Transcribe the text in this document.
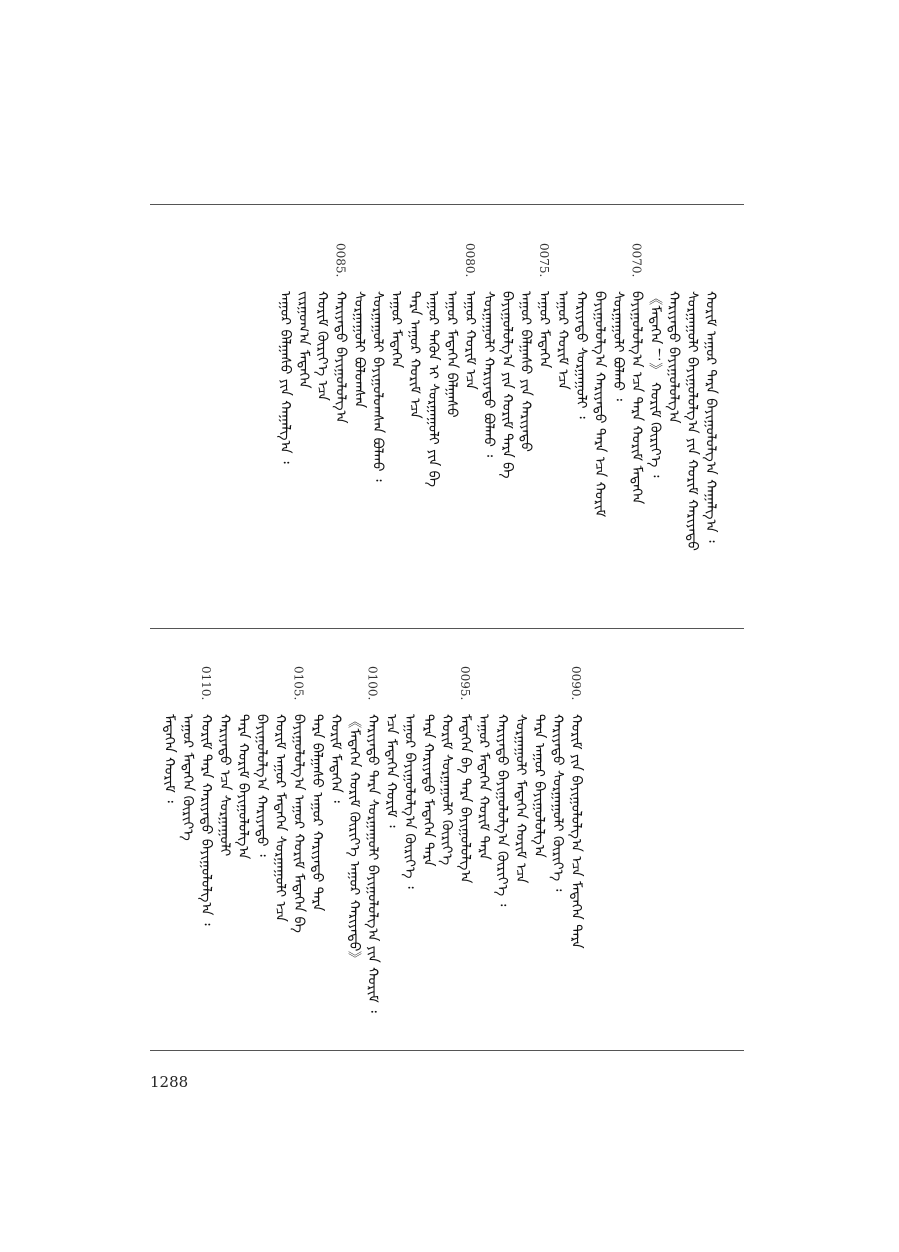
ᠠᠭᠤᠷ ᠪᠠᠯᠭᠠᠰᠤ ᠶᠢᠨ ᠬᠠᠭᠠᠯᠭ᠎ᠠ ᠄ ᠵᠢᠷᠭᠤᠭ᠎ᠠ ᠮᠡᠳᠡᠭᠡᠨ ᠬᠤᠷᠢᠮ ᠬᠦᠷᠢᠶ᠎ᠡ ᠡᠴᠡ ᠬᠠᠷᠢᠶᠠᠲᠤ ᠪᠠᠶᠢᠭᠤᠯᠤᠯᠭ᠎ᠠ ᠰᠤᠷᠭᠠᠭᠤᠯᠢ ᠪᠤᠯᠤᠭᠰᠠᠨ ᠰᠤᠷᠭᠠᠭᠤᠯᠢ ᠪᠠᠶᠢᠭᠤᠯᠤᠭᠰᠠᠨ ᠪᠣᠯᠬᠤ ᠄ ᠠᠭᠤᠷ ᠮᠡᠳᠡᠭᠡᠨ ᠲᠡᠷᠡ ᠠᠭᠤᠷ ᠬᠤᠷᠢᠮ ᠡᠴᠡ ᠠᠭᠤᠷ ᠲᠡᠭᠦᠨ ᠢ ᠰᠤᠷᠭᠠᠭᠤᠯᠢ ᠶᠢᠨ ᠪᠠ ᠠᠭᠤᠷ ᠮᠡᠳᠡᠭᠡᠨ ᠪᠠᠯᠭᠠᠰᠤ ᠠᠭᠤᠷ ᠬᠤᠷᠢᠮ ᠡᠴᠡ ᠰᠤᠷᠭᠠᠭᠤᠯᠢ ᠬᠠᠷᠢᠶᠠᠲᠤ ᠪᠣᠯᠬᠤ ᠄ ᠪᠠᠶᠢᠭᠤᠯᠤᠯᠭ᠎ᠠ ᠶᠢᠨ ᠬᠤᠷᠢᠮ ᠲᠡᠷᠡ ᠪᠠ ᠠᠭᠤᠷ ᠪᠠᠯᠭᠠᠰᠤ ᠶᠢᠨ ᠬᠠᠷᠢᠶᠠᠲᠤ ᠠᠭᠤᠷ ᠮᠡᠳᠡᠭᠡᠨ ᠠᠭᠤᠷ ᠬᠤᠷᠢᠮ ᠡᠴᠡ ᠬᠠᠷᠢᠶᠠᠲᠤ ᠰᠤᠷᠭᠠᠭᠤᠯᠢ ᠄ ᠪᠠᠶᠢᠭᠤᠯᠤᠯᠭ᠎ᠠ ᠬᠠᠷᠢᠶᠠᠲᠤ ᠲᠡᠷᠡ ᠡᠴᠡ ᠬᠤᠷᠢᠮ ᠰᠤᠷᠭᠠᠭᠤᠯᠢ ᠪᠣᠯᠬᠤ ᠄ ᠪᠠᠶᠢᠭᠤᠯᠤᠯᠭ᠎ᠠ ᠡᠴᠡ ᠲᠡᠷᠡ ᠬᠤᠷᠢᠮ ᠮᠡᠳᠡᠭᠡᠨ 《ᠮᠡᠳᠡᠭᠡᠨ ！》 ᠬᠤᠷᠢᠮ ᠬᠦᠷᠢᠶ᠎ᠡ ᠄ ᠬᠠᠷᠢᠶᠠᠲᠤ ᠪᠠᠶᠢᠭᠤᠯᠤᠯᠭ᠎ᠠ ᠰᠤᠷᠭᠠᠭᠤᠯᠢ ᠪᠠᠶᠢᠭᠤᠯᠤᠯᠭ᠎ᠠ ᠶᠢᠨ ᠬᠤᠷᠢᠮ ᠬᠠᠷᠢᠶᠠᠲᠤ ᠬᠤᠷᠢᠮ ᠠᠭᠤᠷ ᠲᠡᠷᠡ ᠪᠠᠶᠢᠭᠤᠯᠤᠯᠭ᠎ᠠ ᠬᠠᠭᠠᠯᠭ᠎ᠠ ᠄
0085.	0080.	0075.	0070.
ᠮᠡᠳᠡᠭᠡᠨ ᠬᠤᠷᠢᠮ ᠄ ᠠᠭᠤᠷ ᠮᠡᠳᠡᠭᠡᠨ ᠬᠦᠷᠢᠶ᠎ᠡ ᠬᠤᠷᠢᠮ ᠲᠡᠷᠡ ᠬᠠᠷᠢᠶᠠᠲᠤ ᠪᠠᠶᠢᠭᠤᠯᠤᠯᠭ᠎ᠠ ᠄ ᠬᠠᠷᠢᠶᠠᠲᠤ ᠡᠴᠡ ᠰᠤᠷᠭᠠᠭᠤᠯᠢ ᠲᠡᠷᠡ ᠬᠤᠷᠢᠮ ᠪᠠᠶᠢᠭᠤᠯᠤᠯᠭ᠎ᠠ ᠪᠠᠶᠢᠭᠤᠯᠤᠯᠭ᠎ᠠ ᠬᠠᠷᠢᠶᠠᠲᠤ ᠄ ᠬᠤᠷᠢᠮ ᠠᠭᠤᠷ ᠮᠡᠳᠡᠭᠡᠨ ᠰᠤᠷᠭᠠᠭᠤᠯᠢ ᠡᠴᠡ ᠪᠠᠶᠢᠭᠤᠯᠤᠯᠭ᠎ᠠ ᠠᠭᠤᠷ ᠬᠤᠷᠢᠮ ᠮᠡᠳᠡᠭᠡᠨ ᠪᠠ ᠲᠡᠷᠡ ᠪᠠᠯᠭᠠᠰᠤ ᠠᠭᠤᠷ ᠬᠠᠷᠢᠶᠠᠲᠤ ᠲᠡᠷᠡ ᠬᠤᠷᠢᠮ ᠮᠡᠳᠡᠭᠡᠨ ᠄ 《ᠮᠡᠳᠡᠭᠡᠨ ᠬᠤᠷᠢᠮ ᠬᠦᠷᠢᠶ᠎ᠡ ᠠᠭᠤᠷ ᠬᠠᠷᠢᠶᠠᠲᠤ》 ᠬᠠᠷᠢᠶᠠᠲᠤ ᠲᠡᠷᠡ ᠰᠤᠷᠭᠠᠭᠤᠯᠢ ᠪᠠᠶᠢᠭᠤᠯᠤᠯᠭ᠎ᠠ ᠶᠢᠨ ᠬᠤᠷᠢᠮ ᠄ ᠡᠴᠡ ᠮᠡᠳᠡᠭᠡᠨ ᠬᠤᠷᠢᠮ ᠄ ᠠᠭᠤᠷ ᠪᠠᠶᠢᠭᠤᠯᠤᠯᠭ᠎ᠠ ᠬᠦᠷᠢᠶ᠎ᠡ ᠄ ᠲᠡᠷᠡ ᠬᠠᠷᠢᠶᠠᠲᠤ ᠮᠡᠳᠡᠭᠡᠨ ᠲᠡᠷᠡ ᠬᠤᠷᠢᠮ ᠰᠤᠷᠭᠠᠭᠤᠯᠢ ᠬᠦᠷᠢᠶ᠎ᠡ ᠮᠡᠳᠡᠭᠡᠨ ᠪᠠ ᠲᠡᠷᠡ ᠪᠠᠶᠢᠭᠤᠯᠤᠯᠭ᠎ᠠ ᠠᠭᠤᠷ ᠮᠡᠳᠡᠭᠡᠨ ᠬᠤᠷᠢᠮ ᠲᠡᠷᠡ ᠬᠠᠷᠢᠶᠠᠲᠤ ᠪᠠᠶᠢᠭᠤᠯᠤᠯᠭ᠎ᠠ ᠬᠦᠷᠢᠶ᠎ᠡ ᠄ ᠰᠤᠷᠭᠠᠭᠤᠯᠢ ᠮᠡᠳᠡᠭᠡᠨ ᠬᠤᠷᠢᠮ ᠡᠴᠡ ᠲᠡᠷᠡ ᠠᠭᠤᠷ ᠪᠠᠶᠢᠭᠤᠯᠤᠯᠭ᠎ᠠ ᠬᠠᠷᠢᠶᠠᠲᠤ ᠰᠤᠷᠭᠠᠭᠤᠯᠢ ᠬᠦᠷᠢᠶ᠎ᠡ ᠄ ᠬᠤᠷᠢᠮ ᠶᠢᠨ ᠪᠠᠶᠢᠭᠤᠯᠤᠯᠭ᠎ᠠ ᠡᠴᠡ ᠮᠡᠳᠡᠭᠡᠨ ᠲᠡᠷᠡ
0110.	0105.	0100.	0095.	0090.
1288
